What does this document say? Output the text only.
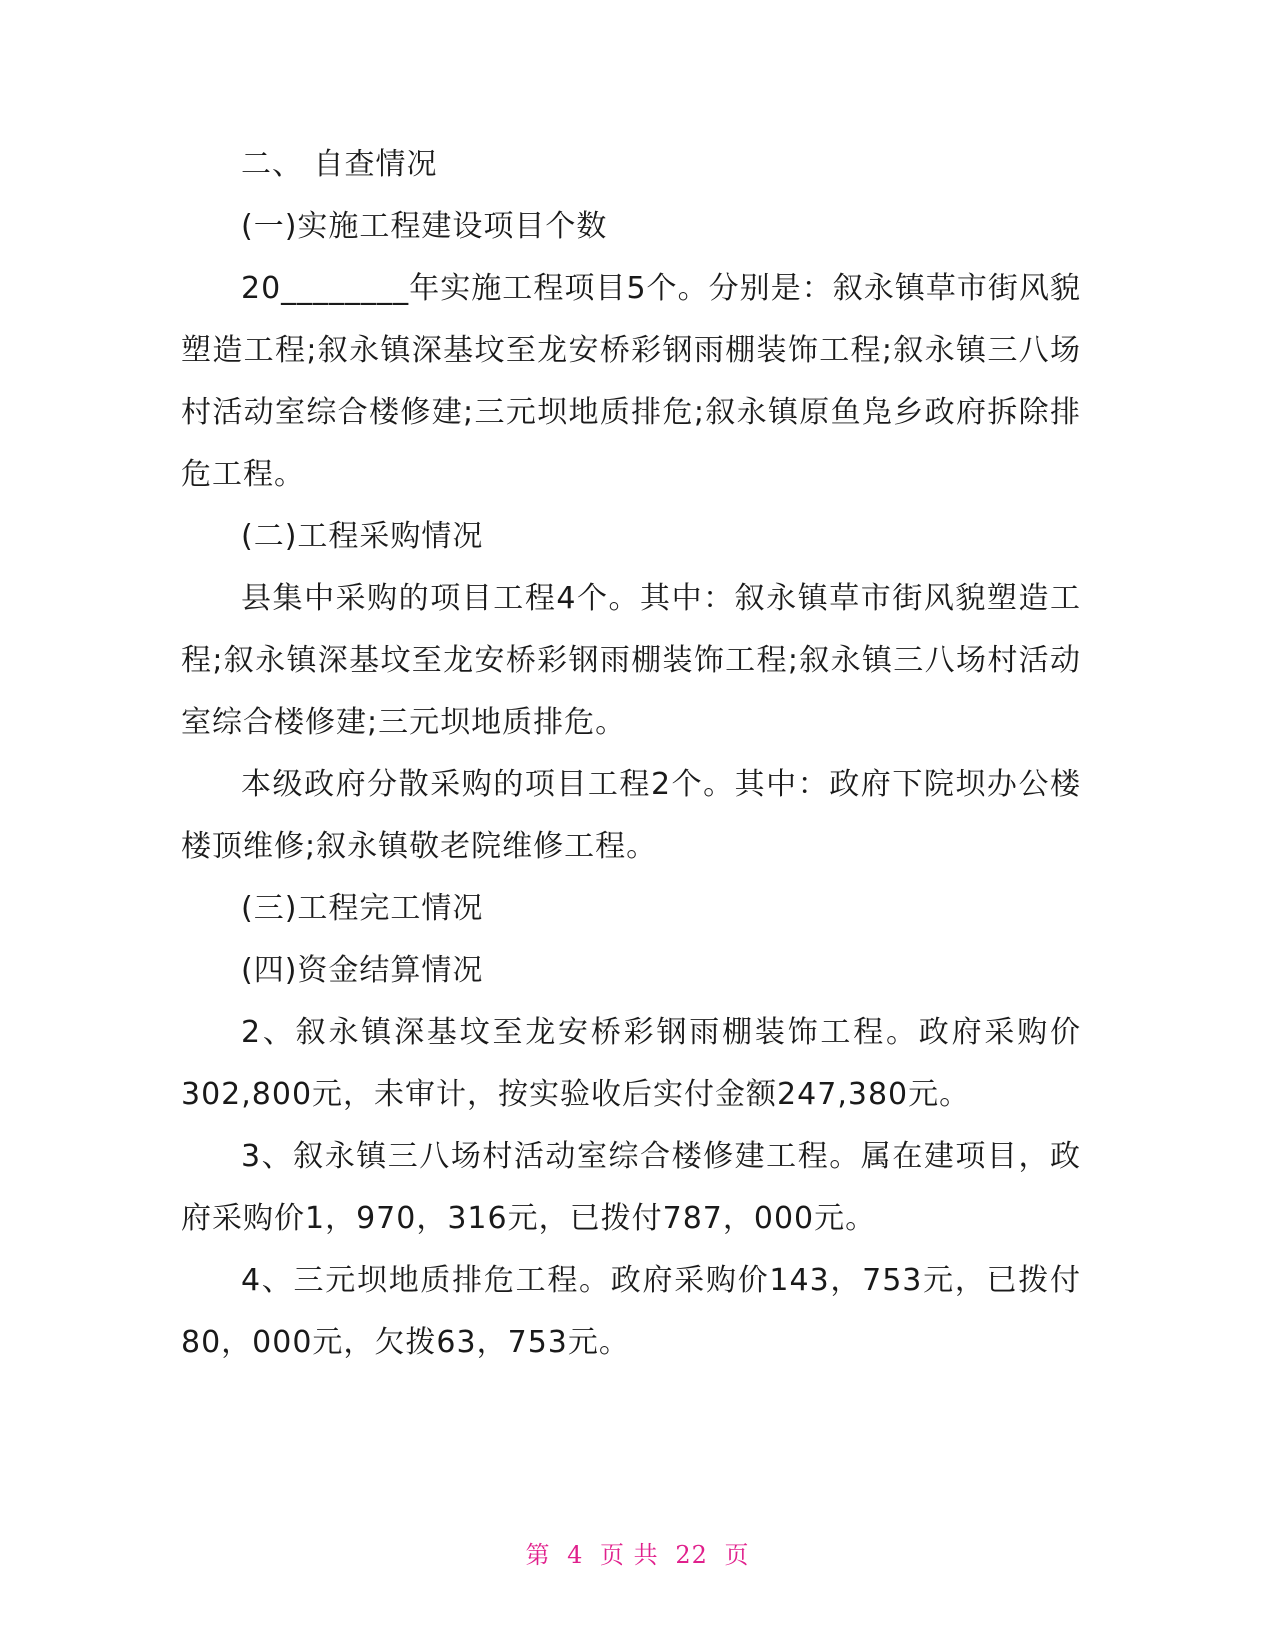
二、 自查情况

(一)实施工程建设项目个数

20________年实施工程项目5个。分别是：叙永镇草市街风貌塑造工程;叙永镇深基坟至龙安桥彩钢雨棚装饰工程;叙永镇三八场村活动室综合楼修建;三元坝地质排危;叙永镇原鱼凫乡政府拆除排危工程。

(二)工程采购情况

县集中采购的项目工程4个。其中：叙永镇草市街风貌塑造工程;叙永镇深基坟至龙安桥彩钢雨棚装饰工程;叙永镇三八场村活动室综合楼修建;三元坝地质排危。

本级政府分散采购的项目工程2个。其中：政府下院坝办公楼楼顶维修;叙永镇敬老院维修工程。

(三)工程完工情况

(四)资金结算情况

2、叙永镇深基坟至龙安桥彩钢雨棚装饰工程。政府采购价302,800元，未审计，按实验收后实付金额247,380元。

3、叙永镇三八场村活动室综合楼修建工程。属在建项目，政府采购价1，970，316元，已拨付787，000元。

4、三元坝地质排危工程。政府采购价143，753元，已拨付80，000元，欠拨63，753元。

第 4 页 共 22 页
